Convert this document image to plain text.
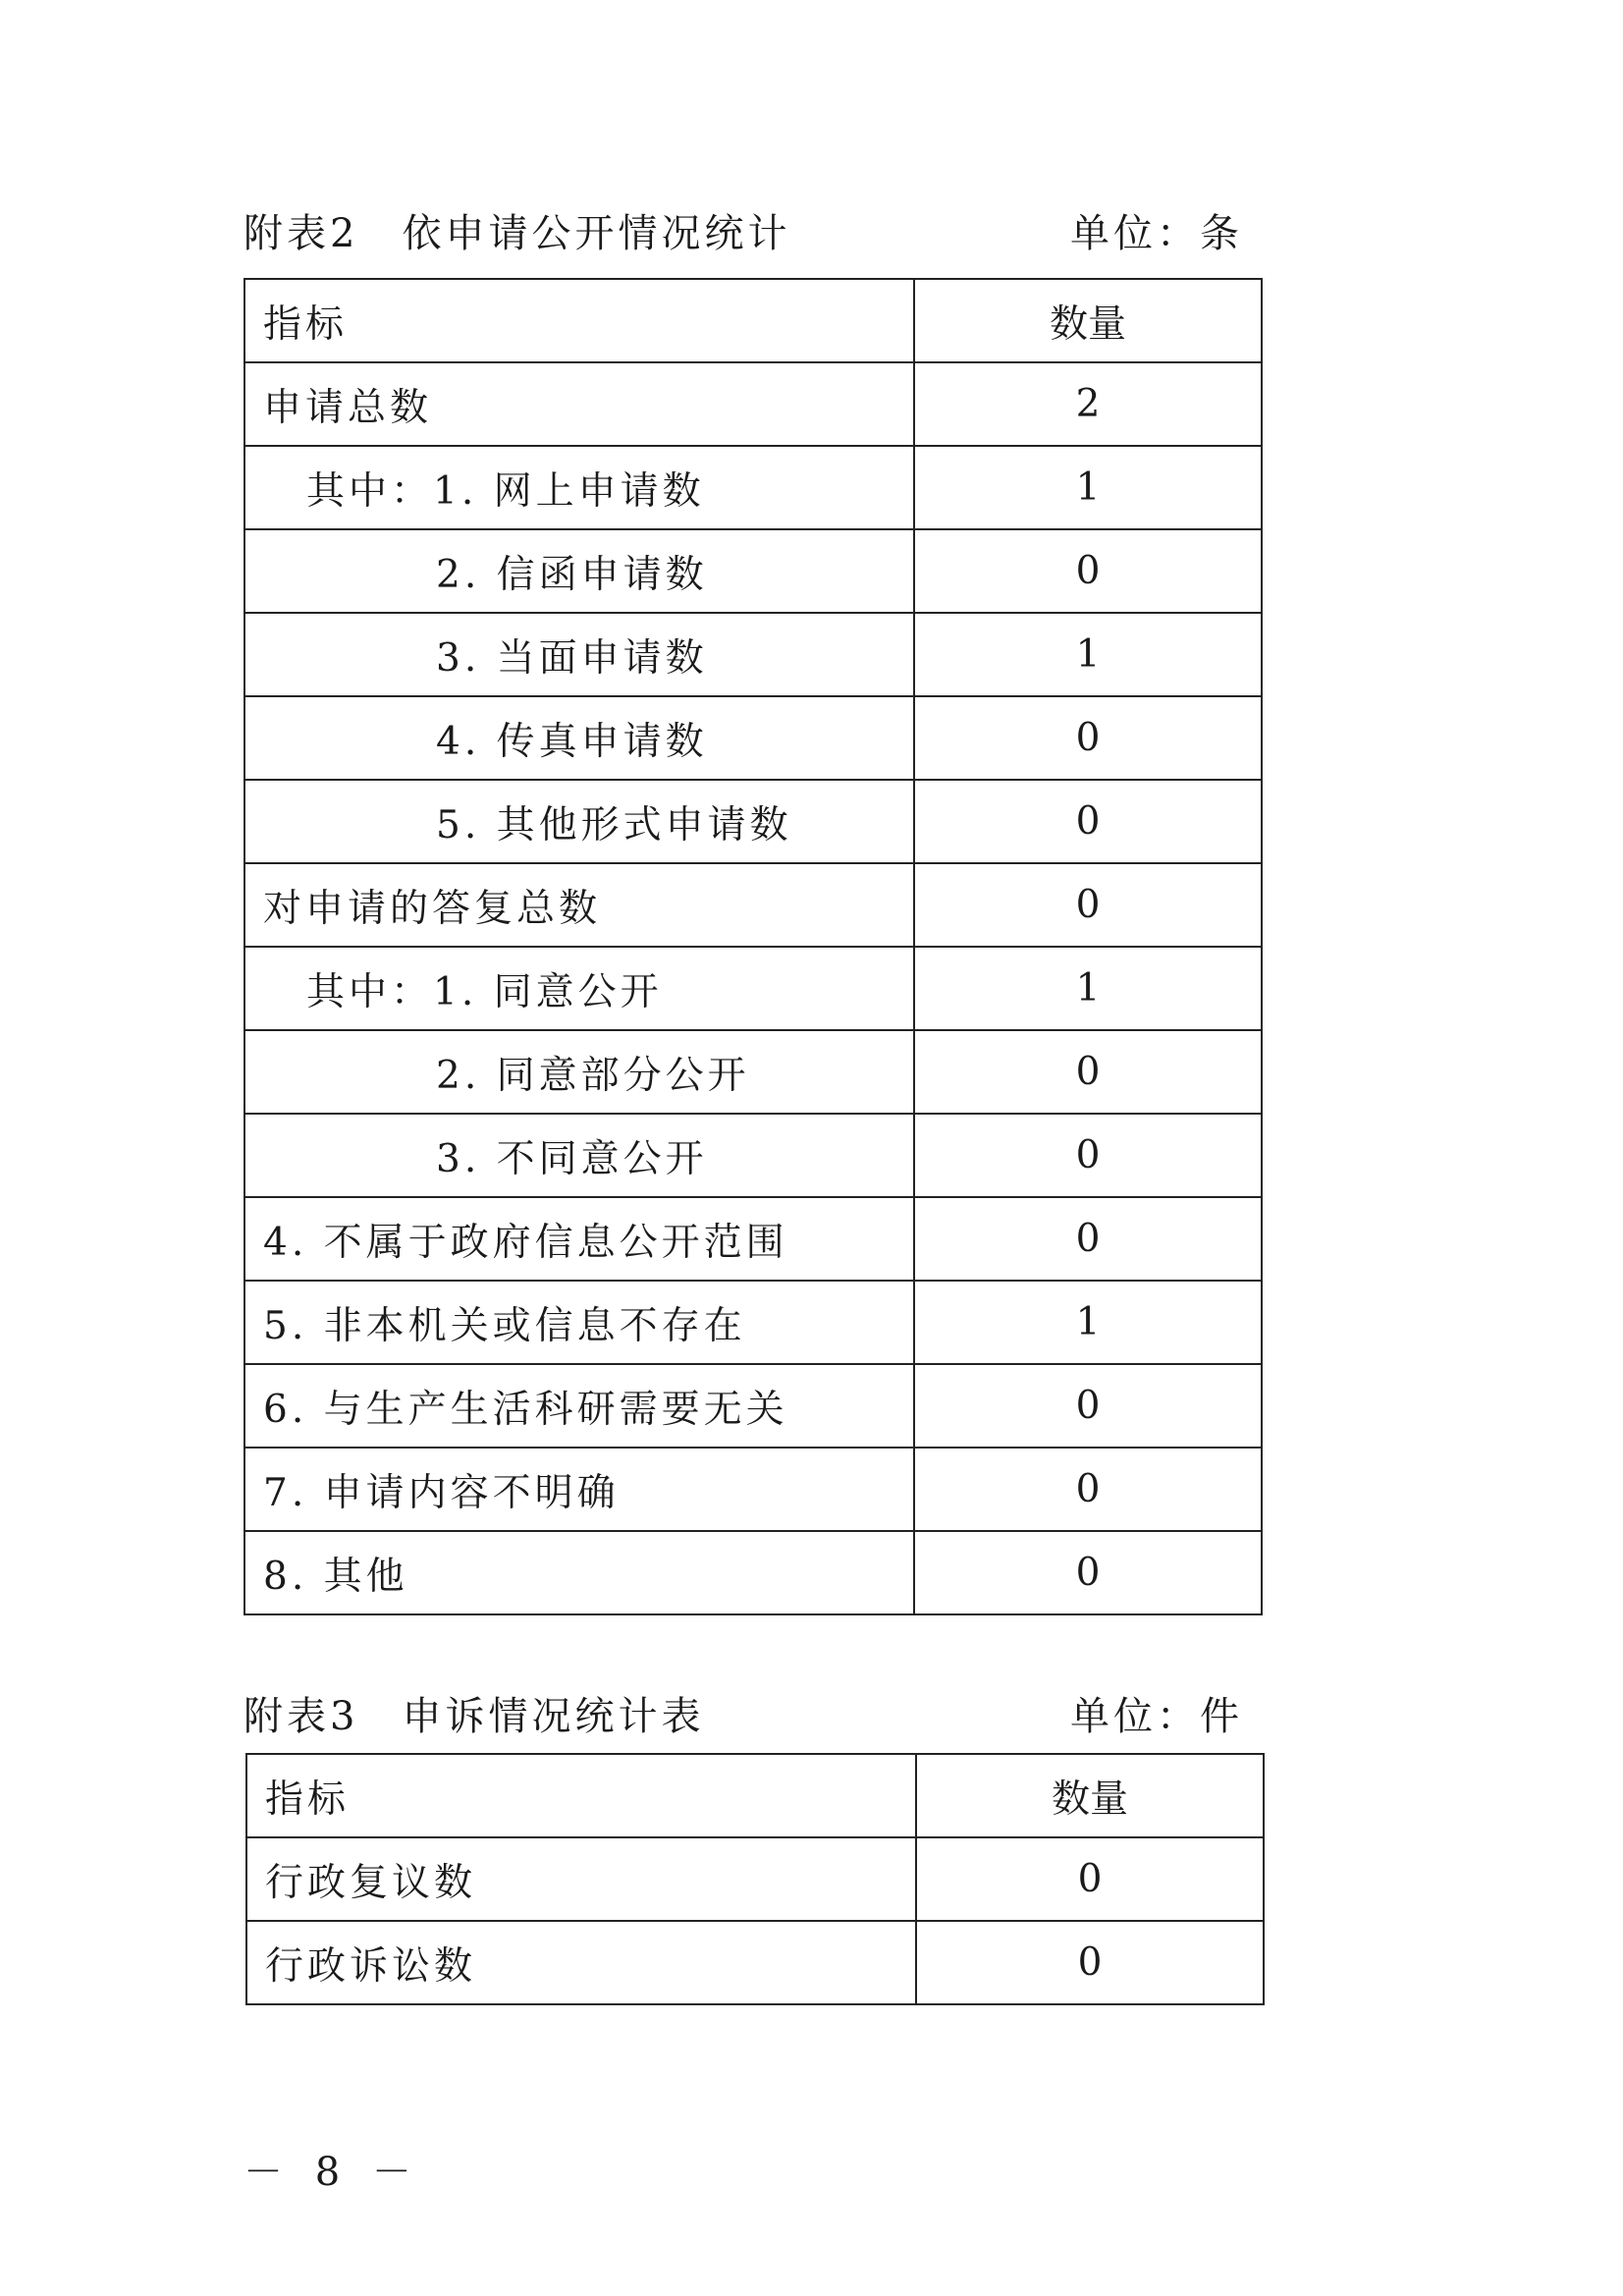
附表2　依申请公开情况统计	单位：条
指标	数量
申请总数	2
其中：1. 网上申请数	1
2. 信函申请数	0
3. 当面申请数	1
4. 传真申请数	0
5. 其他形式申请数	0
对申请的答复总数	0
其中：1. 同意公开	1
2. 同意部分公开	0
3. 不同意公开	0
4. 不属于政府信息公开范围	0
5. 非本机关或信息不存在	1
6. 与生产生活科研需要无关	0
7. 申请内容不明确	0
8. 其他	0
附表3　申诉情况统计表	单位：件
指标	数量
行政复议数	0
行政诉讼数	0
－ 8 －
